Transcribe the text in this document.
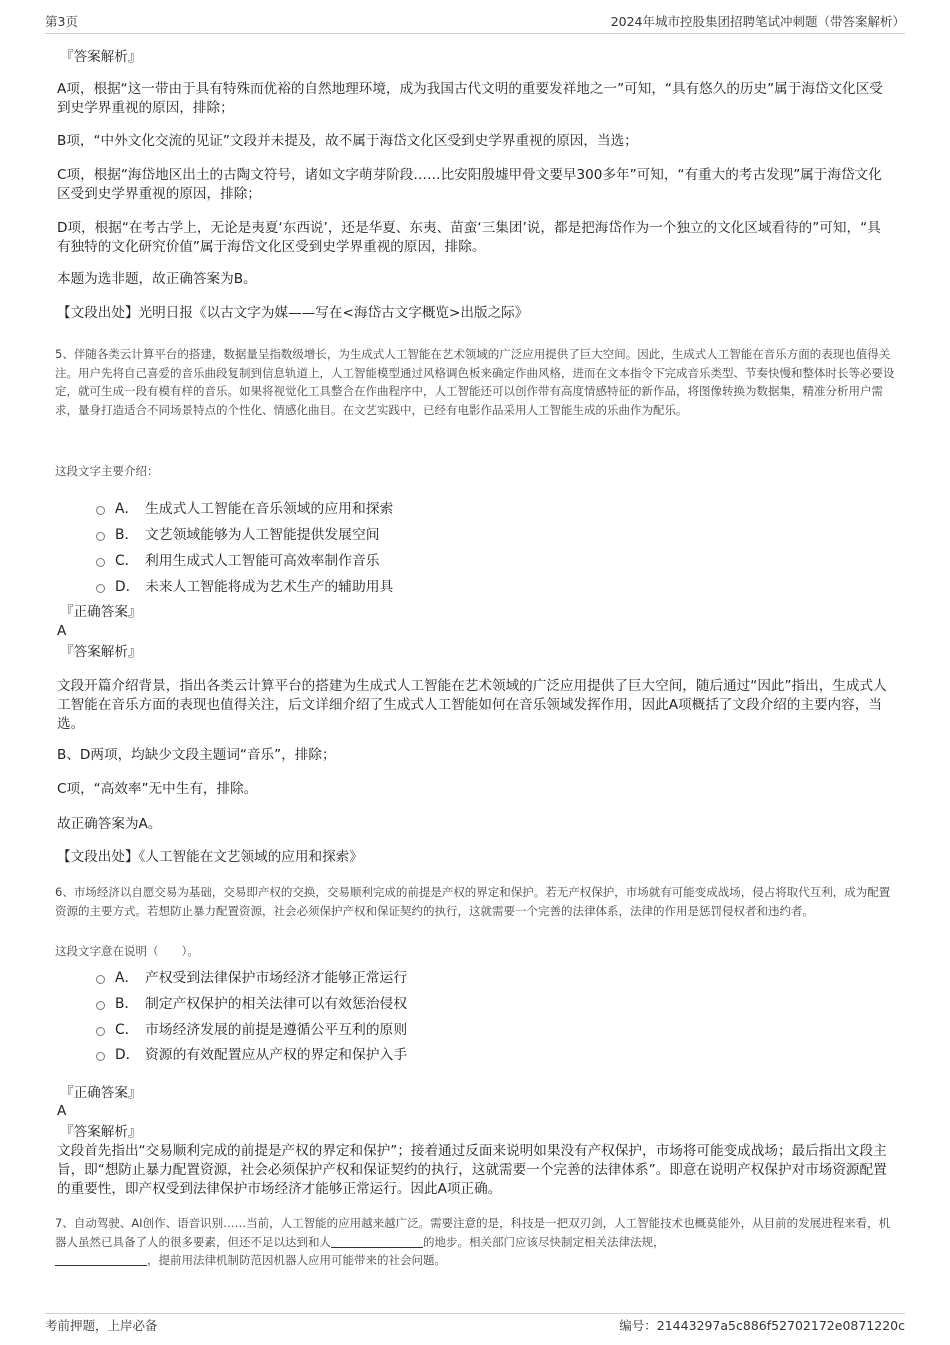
第3页	2024年城市控股集团招聘笔试冲刺题（带答案解析）
『答案解析』
A项，根据“这一带由于具有特殊而优裕的自然地理环境，成为我国古代文明的重要发祥地之一”可知，“具有悠久的历史”属于海岱文化区受到史学界重视的原因，排除；
B项，“中外文化交流的见证”文段并未提及，故不属于海岱文化区受到史学界重视的原因，当选；
C项，根据“海岱地区出土的古陶文符号，诸如文字萌芽阶段……比安阳殷墟甲骨文要早300多年”可知，“有重大的考古发现”属于海岱文化区受到史学界重视的原因，排除；
D项，根据“在考古学上，无论是夷夏‘东西说’，还是华夏、东夷、苗蛮‘三集团’说，都是把海岱作为一个独立的文化区域看待的”可知，“具有独特的文化研究价值”属于海岱文化区受到史学界重视的原因，排除。
本题为选非题，故正确答案为B。
【文段出处】光明日报《以古文字为媒——写在<海岱古文字概览>出版之际》
5、伴随各类云计算平台的搭建，数据量呈指数级增长，为生成式人工智能在艺术领域的广泛应用提供了巨大空间。因此，生成式人工智能在音乐方面的表现也值得关注。用户先将自己喜爱的音乐曲段复制到信息轨道上，人工智能模型通过风格调色板来确定作曲风格，进而在文本指令下完成音乐类型、节奏快慢和整体时长等必要设定，就可生成一段有模有样的音乐。如果将视觉化工具整合在作曲程序中，人工智能还可以创作带有高度情感特征的新作品，将图像转换为数据集，精准分析用户需求，量身打造适合不同场景特点的个性化、情感化曲目。在文艺实践中，已经有电影作品采用人工智能生成的乐曲作为配乐。
这段文字主要介绍：
A． 生成式人工智能在音乐领域的应用和探索
B． 文艺领域能够为人工智能提供发展空间
C． 利用生成式人工智能可高效率制作音乐
D． 未来人工智能将成为艺术生产的辅助用具
『正确答案』
A
『答案解析』
文段开篇介绍背景，指出各类云计算平台的搭建为生成式人工智能在艺术领域的广泛应用提供了巨大空间，随后通过“因此”指出，生成式人工智能在音乐方面的表现也值得关注，后文详细介绍了生成式人工智能如何在音乐领域发挥作用，因此A项概括了文段介绍的主要内容，当选。
B、D两项，均缺少文段主题词“音乐”，排除；
C项，“高效率”无中生有，排除。
故正确答案为A。
【文段出处】《人工智能在文艺领域的应用和探索》
6、市场经济以自愿交易为基础，交易即产权的交换，交易顺利完成的前提是产权的界定和保护。若无产权保护，市场就有可能变成战场，侵占将取代互利，成为配置资源的主要方式。若想防止暴力配置资源，社会必须保护产权和保证契约的执行，这就需要一个完善的法律体系，法律的作用是惩罚侵权者和违约者。
这段文字意在说明（　　）。
A． 产权受到法律保护市场经济才能够正常运行
B． 制定产权保护的相关法律可以有效惩治侵权
C． 市场经济发展的前提是遵循公平互利的原则
D． 资源的有效配置应从产权的界定和保护入手
『正确答案』
A
『答案解析』
文段首先指出“交易顺利完成的前提是产权的界定和保护”；接着通过反面来说明如果没有产权保护，市场将可能变成战场；最后指出文段主旨，即“想防止暴力配置资源，社会必须保护产权和保证契约的执行，这就需要一个完善的法律体系”。即意在说明产权保护对市场资源配置的重要性，即产权受到法律保护市场经济才能够正常运行。因此A项正确。
7、自动驾驶、AI创作、语音识别……当前，人工智能的应用越来越广泛。需要注意的是，科技是一把双刃剑，人工智能技术也概莫能外，从目前的发展进程来看，机器人虽然已具备了人的很多要素，但还不足以达到和人	的地步。相关部门应该尽快制定相关法律法规，
，提前用法律机制防范因机器人应用可能带来的社会问题。
考前押题，上岸必备	编号：21443297a5c886f52702172e0871220c
